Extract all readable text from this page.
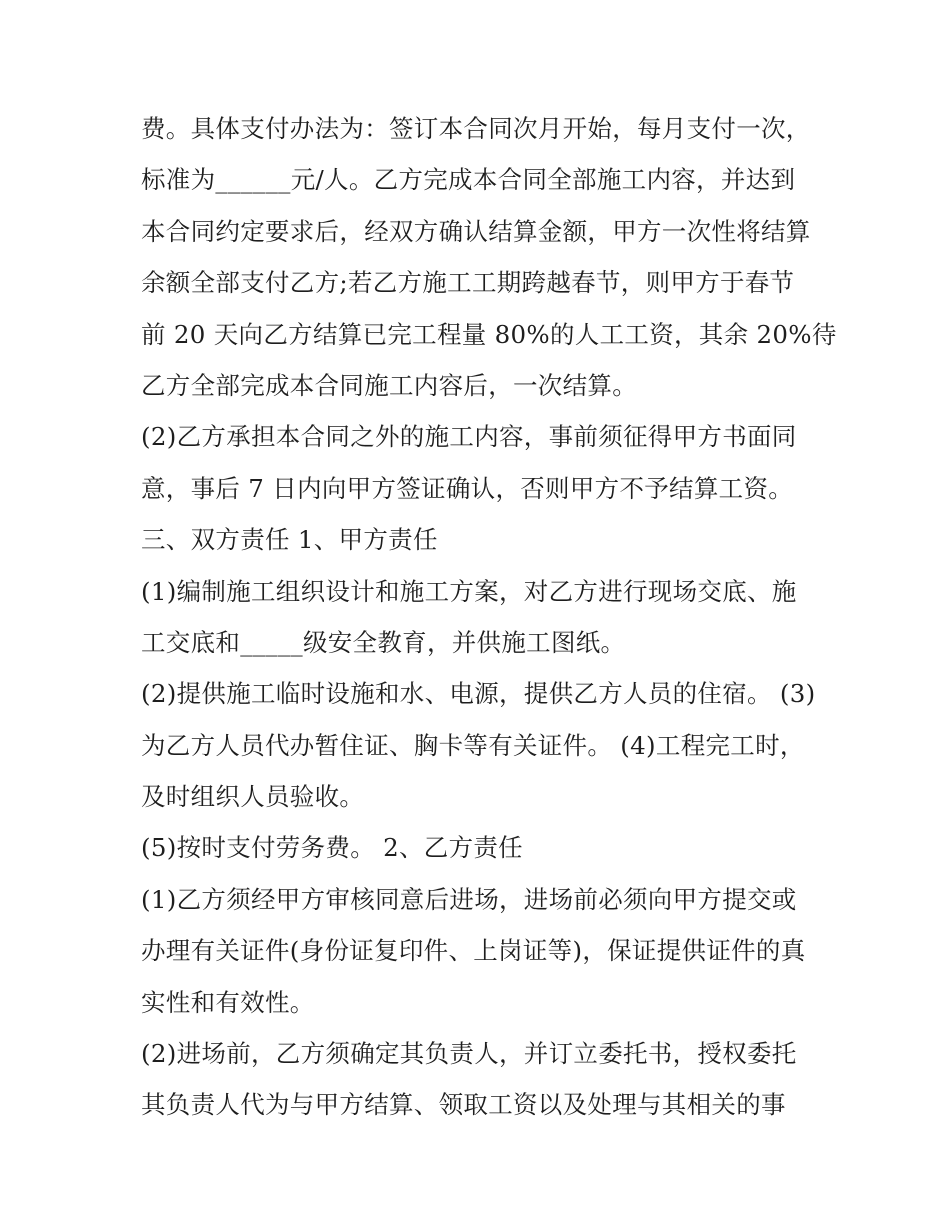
费。具体支付办法为：签订本合同次月开始，每月支付一次，
标准为______元/人。乙方完成本合同全部施工内容，并达到
本合同约定要求后，经双方确认结算金额，甲方一次性将结算
余额全部支付乙方;若乙方施工工期跨越春节，则甲方于春节
前 20 天向乙方结算已完工程量 80%的人工工资，其余 20%待
乙方全部完成本合同施工内容后，一次结算。
(2)乙方承担本合同之外的施工内容，事前须征得甲方书面同
意，事后 7 日内向甲方签证确认，否则甲方不予结算工资。
三、双方责任 1、甲方责任
(1)编制施工组织设计和施工方案，对乙方进行现场交底、施
工交底和_____级安全教育，并供施工图纸。
(2)提供施工临时设施和水、电源，提供乙方人员的住宿。 (3)
为乙方人员代办暂住证、胸卡等有关证件。 (4)工程完工时，
及时组织人员验收。
(5)按时支付劳务费。 2、乙方责任
(1)乙方须经甲方审核同意后进场，进场前必须向甲方提交或
办理有关证件(身份证复印件、上岗证等)，保证提供证件的真
实性和有效性。
(2)进场前，乙方须确定其负责人，并订立委托书，授权委托
其负责人代为与甲方结算、领取工资以及处理与其相关的事
